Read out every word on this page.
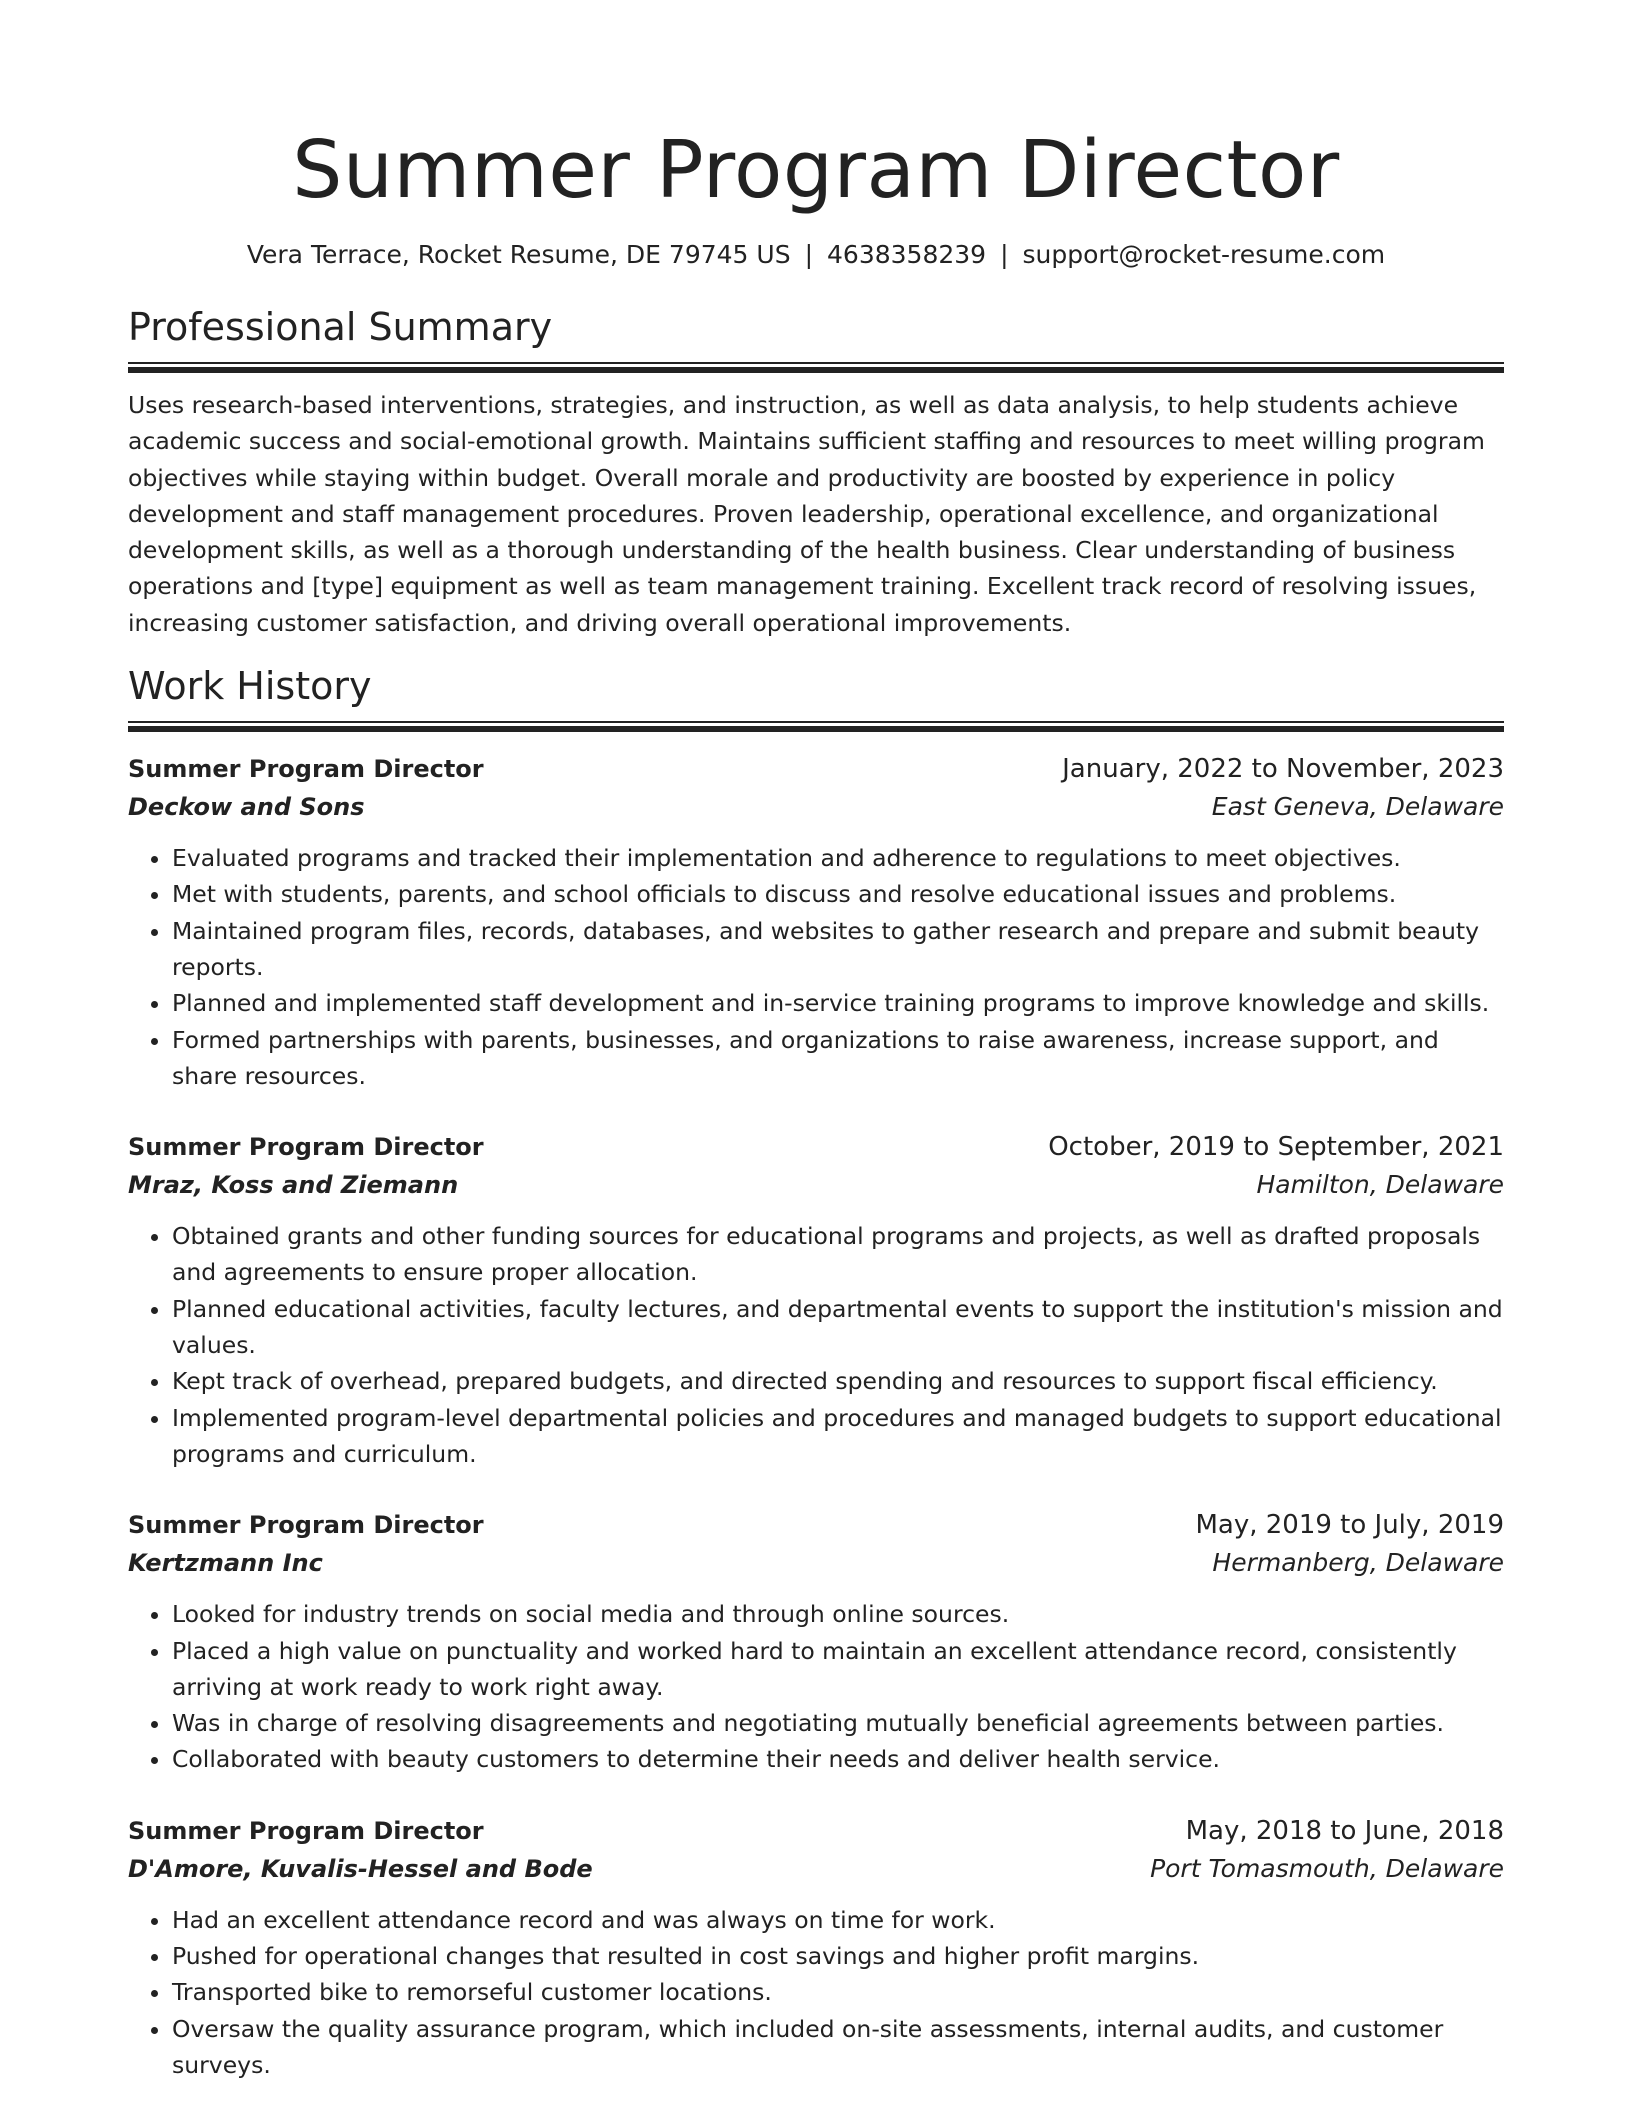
Summer Program Director
Vera Terrace, Rocket Resume, DE 79745 US | 4638358239 | support@rocket-resume.com
Professional Summary

Uses research-based interventions, strategies, and instruction, as well as data analysis, to help students achieve academic success and social-emotional growth. Maintains sufficient staffing and resources to meet willing program objectives while staying within budget. Overall morale and productivity are boosted by experience in policy development and staff management procedures. Proven leadership, operational excellence, and organizational development skills, as well as a thorough understanding of the health business. Clear understanding of business operations and [type] equipment as well as team management training. Excellent track record of resolving issues, increasing customer satisfaction, and driving overall operational improvements.

Work History
Summer Program Director	January, 2022 to November, 2023
Deckow and Sons	East Geneva, Delaware
• Evaluated programs and tracked their implementation and adherence to regulations to meet objectives.
• Met with students, parents, and school officials to discuss and resolve educational issues and problems.
• Maintained program files, records, databases, and websites to gather research and prepare and submit beauty reports.
• Planned and implemented staff development and in-service training programs to improve knowledge and skills.
• Formed partnerships with parents, businesses, and organizations to raise awareness, increase support, and share resources.
Summer Program Director	October, 2019 to September, 2021
Mraz, Koss and Ziemann	Hamilton, Delaware
• Obtained grants and other funding sources for educational programs and projects, as well as drafted proposals and agreements to ensure proper allocation.
• Planned educational activities, faculty lectures, and departmental events to support the institution's mission and values.
• Kept track of overhead, prepared budgets, and directed spending and resources to support fiscal efficiency.
• Implemented program-level departmental policies and procedures and managed budgets to support educational programs and curriculum.
Summer Program Director	May, 2019 to July, 2019
Kertzmann Inc	Hermanberg, Delaware
• Looked for industry trends on social media and through online sources.
• Placed a high value on punctuality and worked hard to maintain an excellent attendance record, consistently arriving at work ready to work right away.
• Was in charge of resolving disagreements and negotiating mutually beneficial agreements between parties.
• Collaborated with beauty customers to determine their needs and deliver health service.
Summer Program Director	May, 2018 to June, 2018
D'Amore, Kuvalis-Hessel and Bode	Port Tomasmouth, Delaware
• Had an excellent attendance record and was always on time for work.
• Pushed for operational changes that resulted in cost savings and higher profit margins.
• Transported bike to remorseful customer locations.
• Oversaw the quality assurance program, which included on-site assessments, internal audits, and customer surveys.
